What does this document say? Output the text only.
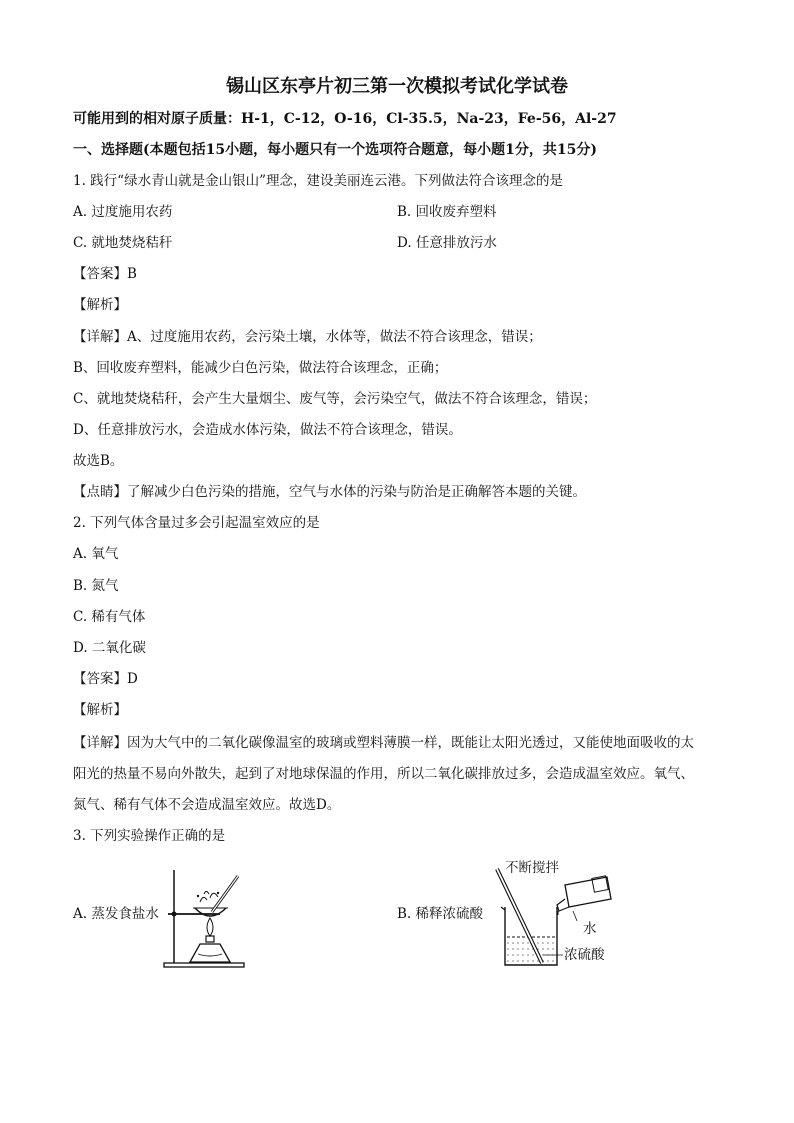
锡山区东亭片初三第一次模拟考试化学试卷
可能用到的相对原子质量：H-1，C-12，O-16，Cl-35.5，Na-23，Fe-56，Al-27
一、选择题(本题包括15小题，每小题只有一个选项符合题意，每小题1分，共15分)
1. 践行“绿水青山就是金山银山”理念，建设美丽连云港。下列做法符合该理念的是
A. 过度施用农药	B. 回收废弃塑料
C. 就地焚烧秸秆	D. 任意排放污水
【答案】B
【解析】
【详解】A、过度施用农药，会污染土壤，水体等，做法不符合该理念，错误；
B、回收废弃塑料，能减少白色污染，做法符合该理念，正确；
C、就地焚烧秸秆，会产生大量烟尘、废气等，会污染空气，做法不符合该理念，错误；
D、任意排放污水，会造成水体污染，做法不符合该理念，错误。
故选B。
【点睛】了解减少白色污染的措施，空气与水体的污染与防治是正确解答本题的关键。
2. 下列气体含量过多会引起温室效应的是
A. 氧气
B. 氮气
C. 稀有气体
D. 二氧化碳
【答案】D
【解析】
【详解】因为大气中的二氧化碳像温室的玻璃或塑料薄膜一样，既能让太阳光透过，又能使地面吸收的太
阳光的热量不易向外散失，起到了对地球保温的作用，所以二氧化碳排放过多，会造成温室效应。氧气、
氮气、稀有气体不会造成温室效应。故选D。
3. 下列实验操作正确的是
A. 蒸发食盐水	B. 稀释浓硫酸
不断搅拌
水
浓硫酸
